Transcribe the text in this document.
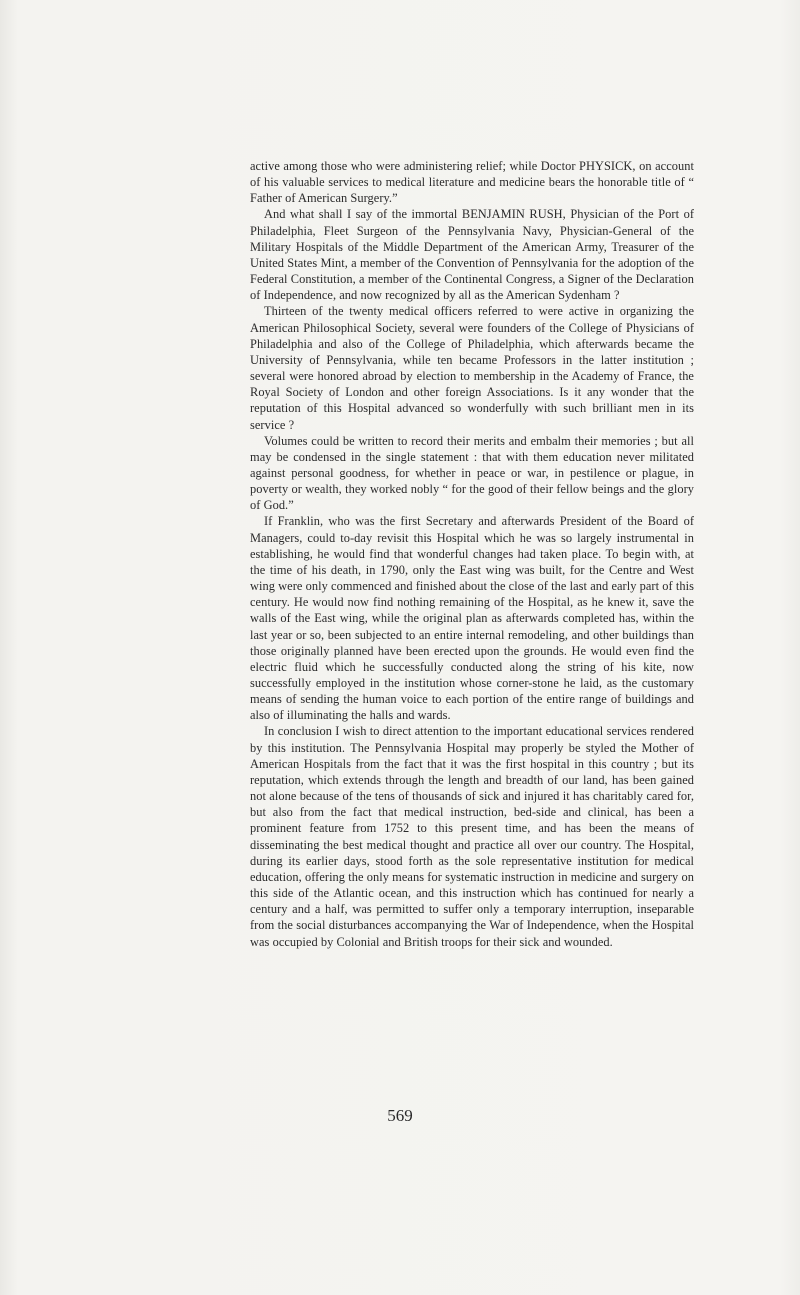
active among those who were administering relief; while Doctor PHYSICK, on account of his valuable services to medical literature and medicine bears the honorable title of “ Father of American Surgery.”

And what shall I say of the immortal BENJAMIN RUSH, Physician of the Port of Philadelphia, Fleet Surgeon of the Pennsylvania Navy, Physician-General of the Military Hospitals of the Middle Department of the American Army, Treasurer of the United States Mint, a member of the Convention of Pennsylvania for the adoption of the Federal Constitution, a member of the Continental Congress, a Signer of the Declaration of Independence, and now recognized by all as the American Sydenham ?

Thirteen of the twenty medical officers referred to were active in organizing the American Philosophical Society, several were founders of the College of Physicians of Philadelphia and also of the College of Philadelphia, which afterwards became the University of Pennsylvania, while ten became Professors in the latter institution ; several were honored abroad by election to membership in the Academy of France, the Royal Society of London and other foreign Associations. Is it any wonder that the reputation of this Hospital advanced so wonderfully with such brilliant men in its service ?

Volumes could be written to record their merits and embalm their memories ; but all may be condensed in the single statement : that with them education never militated against personal goodness, for whether in peace or war, in pestilence or plague, in poverty or wealth, they worked nobly “ for the good of their fellow beings and the glory of God.”

If Franklin, who was the first Secretary and afterwards President of the Board of Managers, could to-day revisit this Hospital which he was so largely instrumental in establishing, he would find that wonderful changes had taken place. To begin with, at the time of his death, in 1790, only the East wing was built, for the Centre and West wing were only commenced and finished about the close of the last and early part of this century. He would now find nothing remaining of the Hospital, as he knew it, save the walls of the East wing, while the original plan as afterwards completed has, within the last year or so, been subjected to an entire internal remodeling, and other buildings than those originally planned have been erected upon the grounds. He would even find the electric fluid which he successfully conducted along the string of his kite, now successfully employed in the institution whose corner-stone he laid, as the customary means of sending the human voice to each portion of the entire range of buildings and also of illuminating the halls and wards.

In conclusion I wish to direct attention to the important educational services rendered by this institution. The Pennsylvania Hospital may properly be styled the Mother of American Hospitals from the fact that it was the first hospital in this country ; but its reputation, which extends through the length and breadth of our land, has been gained not alone because of the tens of thousands of sick and injured it has charitably cared for, but also from the fact that medical instruction, bed-side and clinical, has been a prominent feature from 1752 to this present time, and has been the means of disseminating the best medical thought and practice all over our country. The Hospital, during its earlier days, stood forth as the sole representative institution for medical education, offering the only means for systematic instruction in medicine and surgery on this side of the Atlantic ocean, and this instruction which has continued for nearly a century and a half, was permitted to suffer only a temporary interruption, inseparable from the social disturbances accompanying the War of Independence, when the Hospital was occupied by Colonial and British troops for their sick and wounded.

569
